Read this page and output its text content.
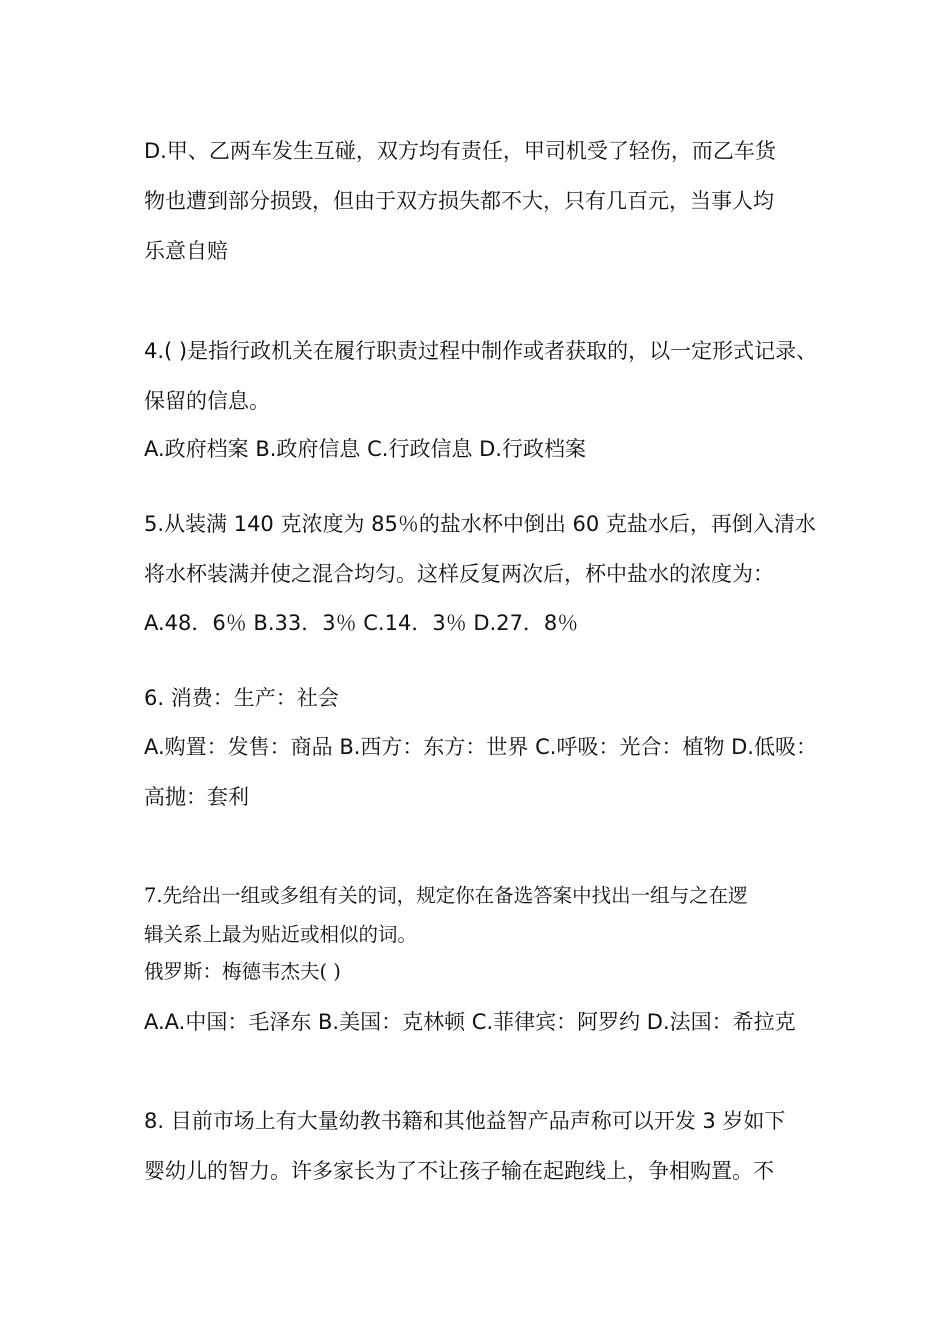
D.甲、乙两车发生互碰，双方均有责任，甲司机受了轻伤，而乙车货
物也遭到部分损毁，但由于双方损失都不大，只有几百元，当事人均
乐意自赔
4.( )是指行政机关在履行职责过程中制作或者获取的，以一定形式记录、
保留的信息。
A.政府档案 B.政府信息 C.行政信息 D.行政档案
5.从装满 140 克浓度为 85％的盐水杯中倒出 60 克盐水后，再倒入清水
将水杯装满并使之混合均匀。这样反复两次后，杯中盐水的浓度为：
A.48．6％ B.33．3％ C.14．3％ D.27．8％
6. 消费：生产：社会
A.购置：发售：商品 B.西方：东方：世界 C.呼吸：光合：植物 D.低吸：
高抛：套利
7.先给出一组或多组有关的词，规定你在备选答案中找出一组与之在逻
辑关系上最为贴近或相似的词。
俄罗斯：梅德韦杰夫( )
A.A.中国：毛泽东 B.美国：克林顿 C.菲律宾：阿罗约 D.法国：希拉克
8. 目前市场上有大量幼教书籍和其他益智产品声称可以开发 3 岁如下
婴幼儿的智力。许多家长为了不让孩子输在起跑线上，争相购置。不
